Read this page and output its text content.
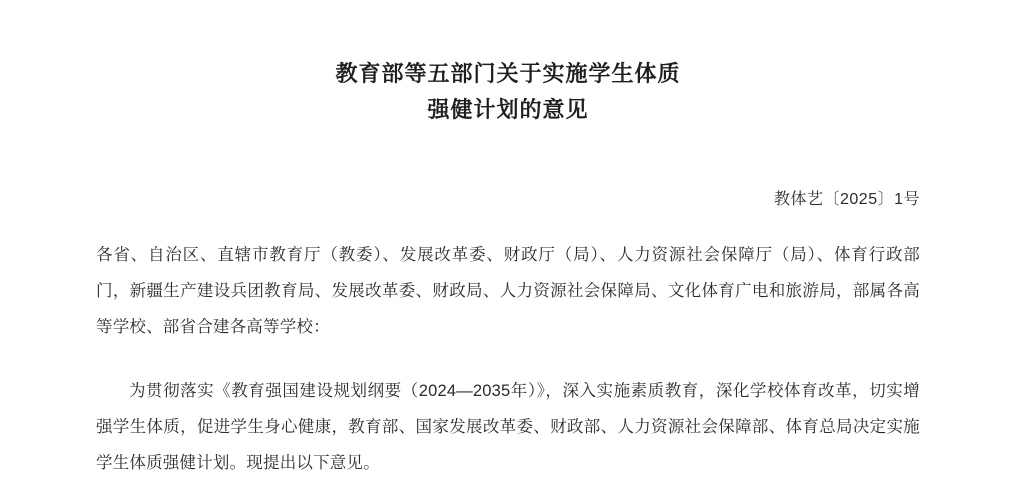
教育部等五部门关于实施学生体质
强健计划的意见
教体艺〔2025〕1号

各省、自治区、直辖市教育厅（教委）、发展改革委、财政厅（局）、人力资源社会保障厅（局）、体育行政部门，新疆生产建设兵团教育局、发展改革委、财政局、人力资源社会保障局、文化体育广电和旅游局，部属各高等学校、部省合建各高等学校：

为贯彻落实《教育强国建设规划纲要（2024—2035年）》，深入实施素质教育，深化学校体育改革，切实增强学生体质，促进学生身心健康，教育部、国家发展改革委、财政部、人力资源社会保障部、体育总局决定实施学生体质强健计划。现提出以下意见。
